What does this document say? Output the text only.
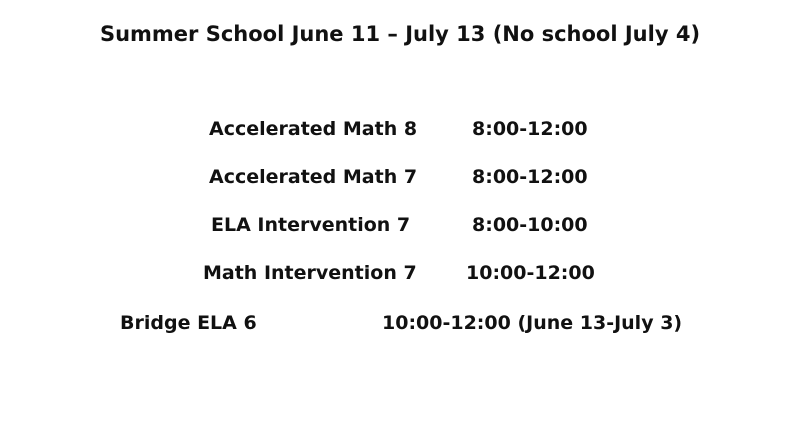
Summer School June 11 – July 13 (No school July 4)
Accelerated Math 8	8:00-12:00
Accelerated Math 7	8:00-12:00
ELA Intervention 7	8:00-10:00
Math Intervention 7	10:00-12:00
Bridge ELA 6	10:00-12:00 (June 13-July 3)
